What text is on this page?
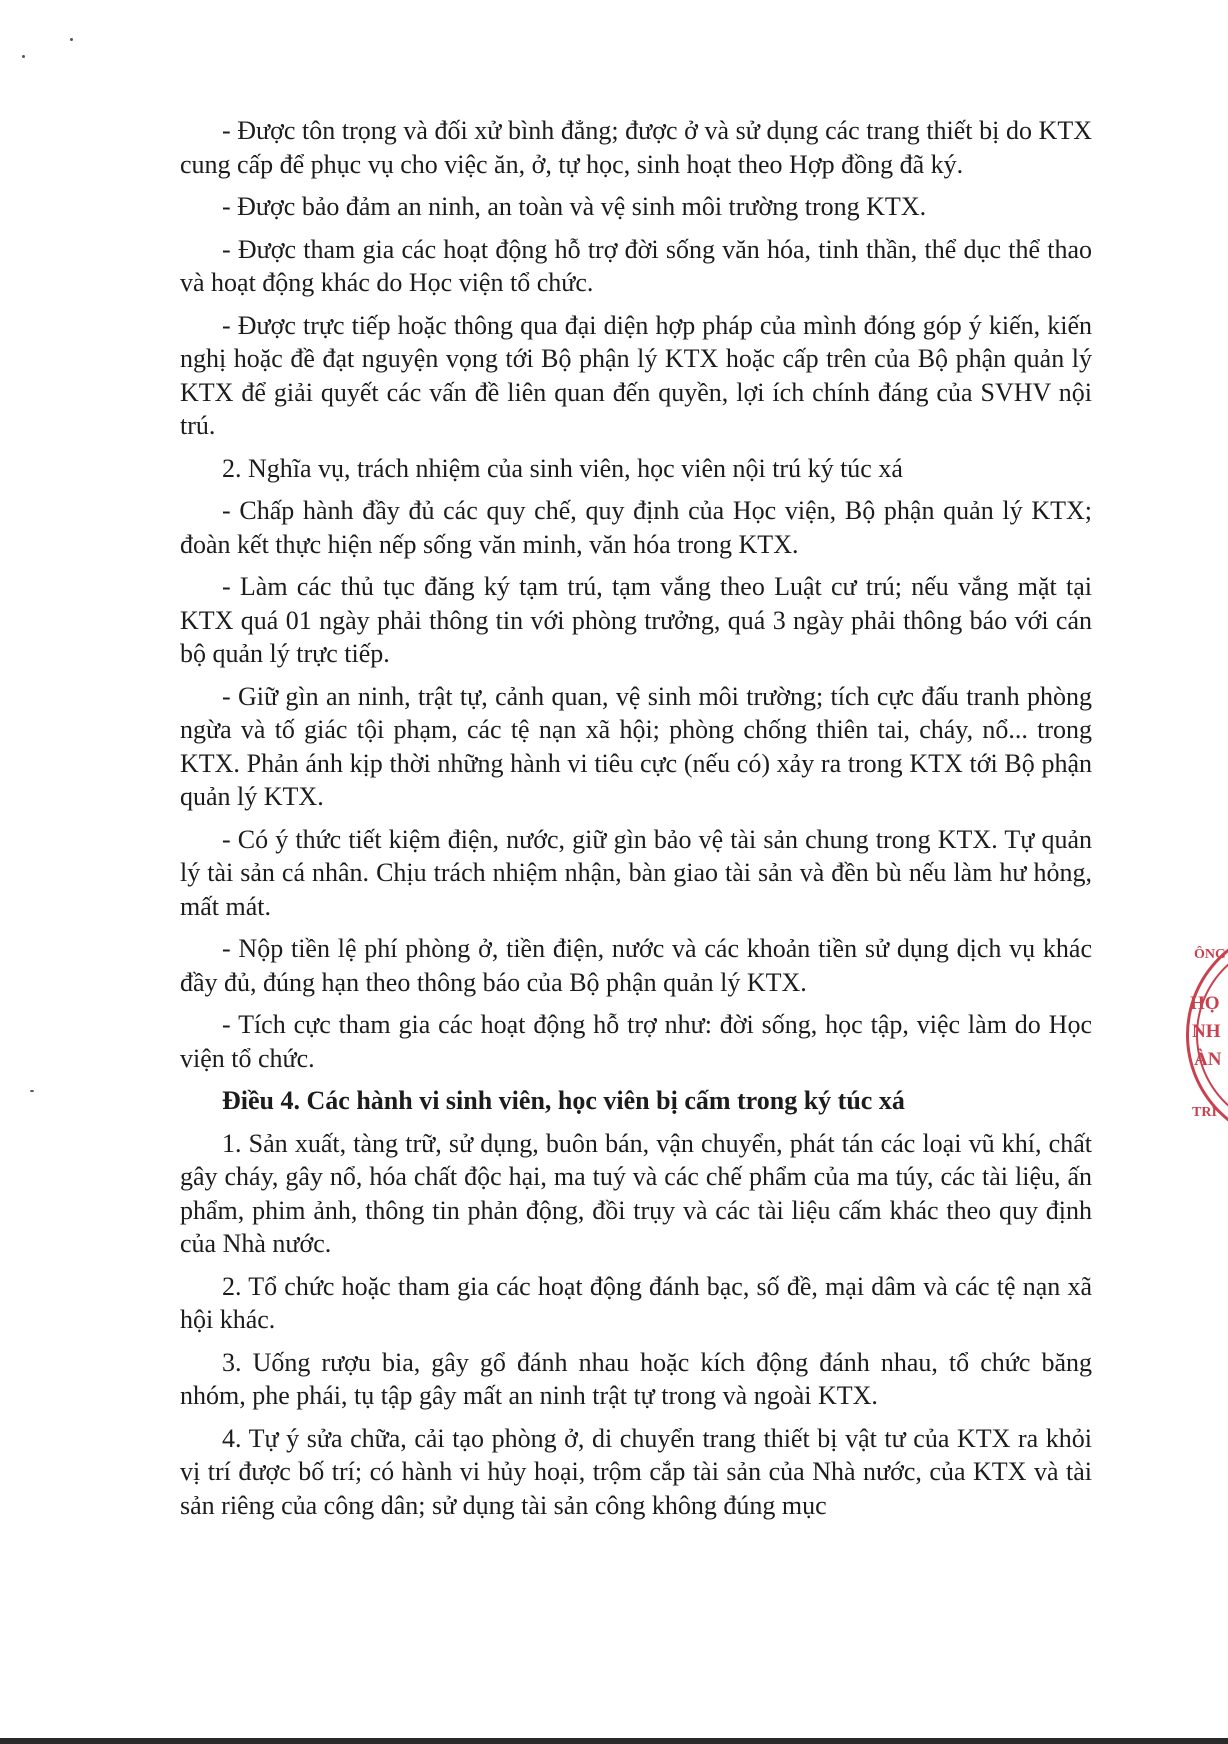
- Được tôn trọng và đối xử bình đẳng; được ở và sử dụng các trang thiết bị do KTX cung cấp để phục vụ cho việc ăn, ở, tự học, sinh hoạt theo Hợp đồng đã ký.

- Được bảo đảm an ninh, an toàn và vệ sinh môi trường trong KTX.

- Được tham gia các hoạt động hỗ trợ đời sống văn hóa, tinh thần, thể dục thể thao và hoạt động khác do Học viện tổ chức.

- Được trực tiếp hoặc thông qua đại diện hợp pháp của mình đóng góp ý kiến, kiến nghị hoặc đề đạt nguyện vọng tới Bộ phận lý KTX hoặc cấp trên của Bộ phận quản lý KTX để giải quyết các vấn đề liên quan đến quyền, lợi ích chính đáng của SVHV nội trú.

2. Nghĩa vụ, trách nhiệm của sinh viên, học viên nội trú ký túc xá

- Chấp hành đầy đủ các quy chế, quy định của Học viện, Bộ phận quản lý KTX; đoàn kết thực hiện nếp sống văn minh, văn hóa trong KTX.

- Làm các thủ tục đăng ký tạm trú, tạm vắng theo Luật cư trú; nếu vắng mặt tại KTX quá 01 ngày phải thông tin với phòng trưởng, quá 3 ngày phải thông báo với cán bộ quản lý trực tiếp.

- Giữ gìn an ninh, trật tự, cảnh quan, vệ sinh môi trường; tích cực đấu tranh phòng ngừa và tố giác tội phạm, các tệ nạn xã hội; phòng chống thiên tai, cháy, nổ... trong KTX. Phản ánh kịp thời những hành vi tiêu cực (nếu có) xảy ra trong KTX tới Bộ phận quản lý KTX.

- Có ý thức tiết kiệm điện, nước, giữ gìn bảo vệ tài sản chung trong KTX. Tự quản lý tài sản cá nhân. Chịu trách nhiệm nhận, bàn giao tài sản và đền bù nếu làm hư hỏng, mất mát.

- Nộp tiền lệ phí phòng ở, tiền điện, nước và các khoản tiền sử dụng dịch vụ khác đầy đủ, đúng hạn theo thông báo của Bộ phận quản lý KTX.

- Tích cực tham gia các hoạt động hỗ trợ như: đời sống, học tập, việc làm do Học viện tổ chức.

Điều 4. Các hành vi sinh viên, học viên bị cấm trong ký túc xá

1. Sản xuất, tàng trữ, sử dụng, buôn bán, vận chuyển, phát tán các loại vũ khí, chất gây cháy, gây nổ, hóa chất độc hại, ma tuý và các chế phẩm của ma túy, các tài liệu, ấn phẩm, phim ảnh, thông tin phản động, đồi trụy và các tài liệu cấm khác theo quy định của Nhà nước.

2. Tổ chức hoặc tham gia các hoạt động đánh bạc, số đề, mại dâm và các tệ nạn xã hội khác.

3. Uống rượu bia, gây gổ đánh nhau hoặc kích động đánh nhau, tổ chức băng nhóm, phe phái, tụ tập gây mất an ninh trật tự trong và ngoài KTX.

4. Tự ý sửa chữa, cải tạo phòng ở, di chuyển trang thiết bị vật tư của KTX ra khỏi vị trí được bố trí; có hành vi hủy hoại, trộm cắp tài sản của Nhà nước, của KTX và tài sản riêng của công dân; sử dụng tài sản công không đúng mục

ÔNG
HỌ
NH
ÀN
TRI
